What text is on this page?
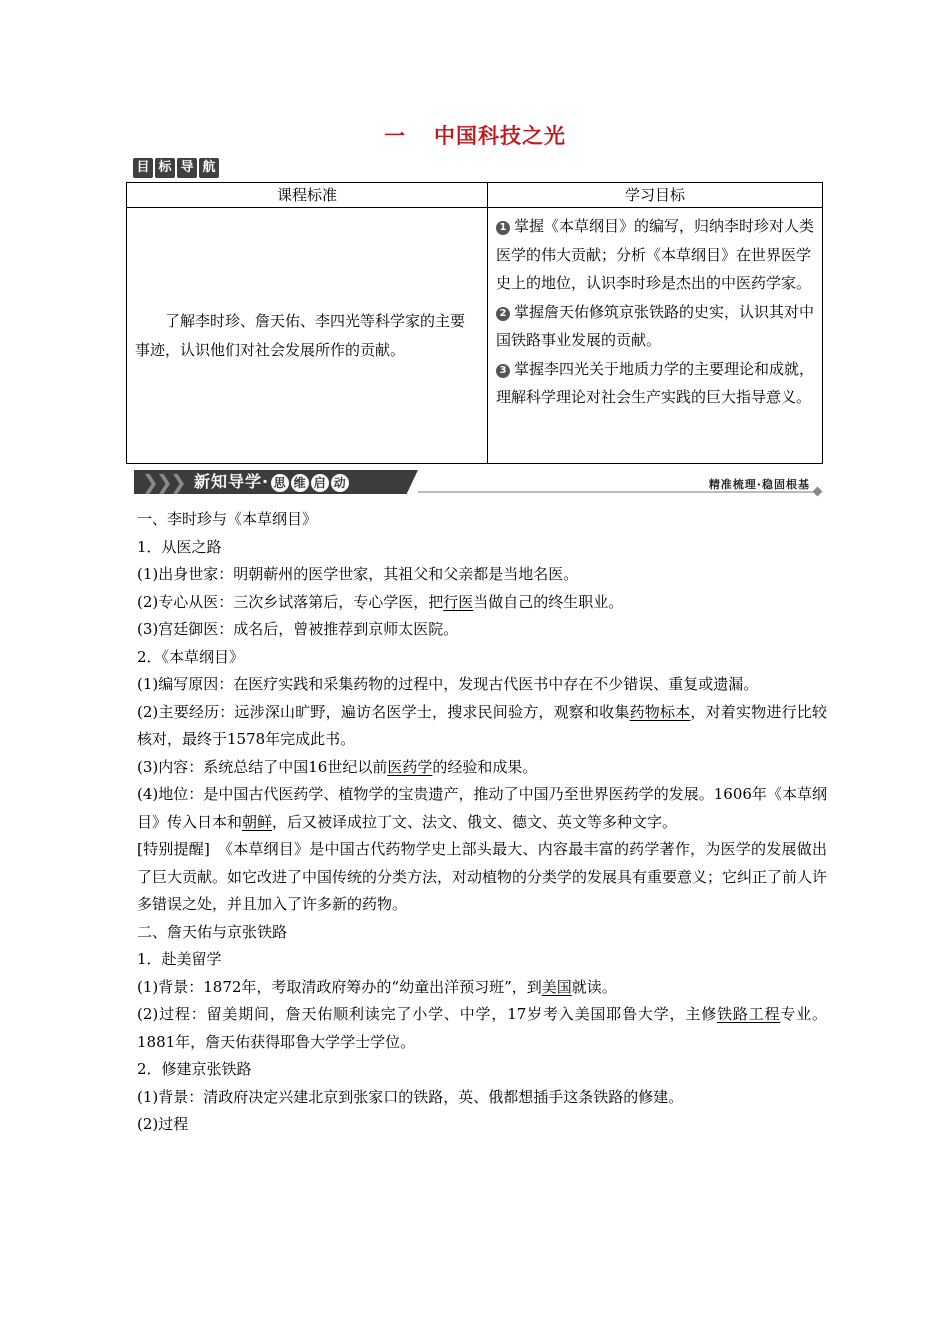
一 中国科技之光
目 标 导 航
课程标准	学习目标

了解李时珍、詹天佑、李四光等科学家的主要事迹，认识他们对社会发展所作的贡献。	1 掌握《本草纲目》的编写，归纳李时珍对人类医学的伟大贡献；分析《本草纲目》在世界医学史上的地位，认识李时珍是杰出的中医药学家。

2 掌握詹天佑修筑京张铁路的史实，认识其对中国铁路事业发展的贡献。

3 掌握李四光关于地质力学的主要理论和成就，理解科学理论对社会生产实践的巨大指导意义。

❯
❯
❯ 新知导学· 思 维 启 动	精准梳理·稳固根基

一、李时珍与《本草纲目》

1．从医之路

(1)出身世家：明朝蕲州的医学世家，其祖父和父亲都是当地名医。

(2)专心从医：三次乡试落第后，专心学医，把行医当做自己的终生职业。

(3)宫廷御医：成名后，曾被推荐到京师太医院。

2．《本草纲目》

(1)编写原因：在医疗实践和采集药物的过程中，发现古代医书中存在不少错误、重复或遗漏。

(2)主要经历：远涉深山旷野，遍访名医学士，搜求民间验方，观察和收集药物标本，对着实物进行比较核对，最终于1578年完成此书。

(3)内容：系统总结了中国16世纪以前医药学的经验和成果。

(4)地位：是中国古代医药学、植物学的宝贵遗产，推动了中国乃至世界医药学的发展。1606年《本草纲目》传入日本和朝鲜，后又被译成拉丁文、法文、俄文、德文、英文等多种文字。

[特别提醒]　《本草纲目》是中国古代药物学史上部头最大、内容最丰富的药学著作，为医学的发展做出了巨大贡献。如它改进了中国传统的分类方法，对动植物的分类学的发展具有重要意义；它纠正了前人许多错误之处，并且加入了许多新的药物。

二、詹天佑与京张铁路

1．赴美留学

(1)背景：1872年，考取清政府筹办的“幼童出洋预习班”，到美国就读。

(2)过程：留美期间，詹天佑顺利读完了小学、中学，17岁考入美国耶鲁大学，主修铁路工程专业。1881年，詹天佑获得耶鲁大学学士学位。

2．修建京张铁路

(1)背景：清政府决定兴建北京到张家口的铁路，英、俄都想插手这条铁路的修建。

(2)过程
